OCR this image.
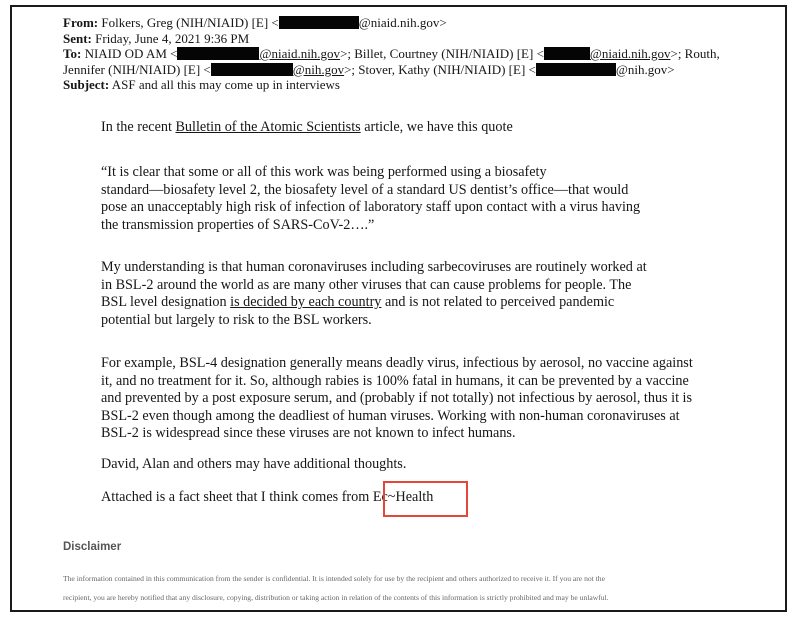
From: Folkers, Greg (NIH/NIAID) [E] <	@niaid.nih.gov>
Sent: Friday, June 4, 2021 9:36 PM
To: NIAID OD AM <	@niaid.nih.gov>; Billet, Courtney (NIH/NIAID) [E] <	@niaid.nih.gov>; Routh,
Jennifer (NIH/NIAID) [E] <	@nih.gov>; Stover, Kathy (NIH/NIAID) [E] <	@nih.gov>
Subject: ASF and all this may come up in interviews
In the recent Bulletin of the Atomic Scientists article, we have this quote
“It is clear that some or all of this work was being performed using a biosafety
standard—biosafety level 2, the biosafety level of a standard US dentist’s office—that would
pose an unacceptably high risk of infection of laboratory staff upon contact with a virus having
the transmission properties of SARS-CoV-2….”
My understanding is that human coronaviruses including sarbecoviruses are routinely worked at
in BSL-2 around the world as are many other viruses that can cause problems for people. The
BSL level designation is decided by each country and is not related to perceived pandemic
potential but largely to risk to the BSL workers.
For example, BSL-4 designation generally means deadly virus, infectious by aerosol, no vaccine against
it, and no treatment for it. So, although rabies is 100% fatal in humans, it can be prevented by a vaccine
and prevented by a post exposure serum, and (probably if not totally) not infectious by aerosol, thus it is
BSL-2 even though among the deadliest of human viruses. Working with non-human coronaviruses at
BSL-2 is widespread since these viruses are not known to infect humans.
David, Alan and others may have additional thoughts.
Attached is a fact sheet that I think comes from Ec~Health
Disclaimer
The information contained in this communication from the sender is confidential. It is intended solely for use by the recipient and others authorized to receive it. If you are not the
recipient, you are hereby notified that any disclosure, copying, distribution or taking action in relation of the contents of this information is strictly prohibited and may be unlawful.
